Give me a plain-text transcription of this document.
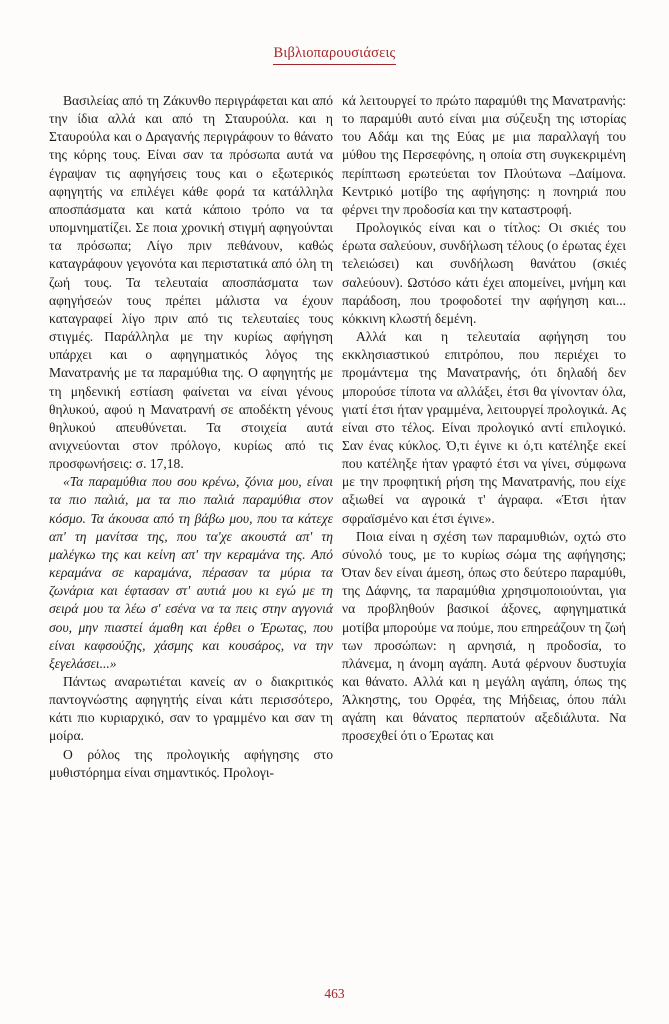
Βιβλιοπαρουσιάσεις

Βασιλείας από τη Ζάκυνθο περιγράφεται και από την ίδια αλλά και από τη Σταυρούλα. και η Σταυρούλα και ο Δραγανής περιγράφουν το θάνατο της κόρης τους. Είναι σαν τα πρόσωπα αυτά να έγραψαν τις αφηγήσεις τους και ο εξωτερικός αφηγητής να επιλέγει κάθε φορά τα κατάλληλα αποσπάσματα και κατά κάποιο τρόπο να τα υπομνηματίζει. Σε ποια χρονική στιγμή αφηγούνται τα πρόσωπα; Λίγο πριν πεθάνουν, καθώς καταγράφουν γεγονότα και περιστατικά από όλη τη ζωή τους. Τα τελευταία αποσπάσματα των αφηγήσεών τους πρέπει μάλιστα να έχουν καταγραφεί λίγο πριν από τις τελευταίες τους στιγμές. Παράλληλα με την κυρίως αφήγηση υπάρχει και ο αφηγηματικός λόγος της Μανατρανής με τα παραμύθια της. Ο αφηγητής με τη μηδενική εστίαση φαίνεται να είναι γένους θηλυκού, αφού η Μανατρανή σε αποδέκτη γένους θηλυκού απευθύνεται. Τα στοιχεία αυτά ανιχνεύονται στον πρόλογο, κυρίως από τις προσφωνήσεις: σ. 17,18.

«Τα παραμύθια που σου κρένω, ζόνια μου, είναι τα πιο παλιά, μα τα πιο παλιά παραμύθια στον κόσμο. Τα άκουσα από τη βάβω μου, που τα κάτεχε απ' τη μανίτσα της, που τα'χε ακουστά απ' τη μαλέγκω της και κείνη απ' την κεραμάνα της. Από κεραμάνα σε καραμάνα, πέρασαν τα μύρια τα ζωνάρια και έφτασαν στ' αυτιά μου κι εγώ με τη σειρά μου τα λέω σ' εσένα να τα πεις στην αγγονιά σου, μην πιαστεί άμαθη και έρθει ο Έρωτας, που είναι καφσούζης, χάσμης και κουσάρος, να την ξεγελάσει...»

Πάντως αναρωτιέται κανείς αν ο διακριτικός παντογνώστης αφηγητής είναι κάτι περισσότερο, κάτι πιο κυριαρχικό, σαν το γραμμένο και σαν τη μοίρα.

Ο ρόλος της προλογικής αφήγησης στο μυθιστόρημα είναι σημαντικός. Προλογι-

κά λειτουργεί το πρώτο παραμύθι της Μανατρανής: το παραμύθι αυτό είναι μια σύζευξη της ιστορίας του Αδάμ και της Εύας με μια παραλλαγή του μύθου της Περσεφόνης, η οποία στη συγκεκριμένη περίπτωση ερωτεύεται τον Πλούτωνα –Δαίμονα. Κεντρικό μοτίβο της αφήγησης: η πονηριά που φέρνει την προδοσία και την καταστροφή.

Προλογικός είναι και ο τίτλος: Οι σκιές του έρωτα σαλεύουν, συνδήλωση τέλους (ο έρωτας έχει τελειώσει) και συνδήλωση θανάτου (σκιές σαλεύουν). Ωστόσο κάτι έχει απομείνει, μνήμη και παράδοση, που τροφοδοτεί την αφήγηση και... κόκκινη κλωστή δεμένη.

Αλλά και η τελευταία αφήγηση του εκκλησιαστικού επιτρόπου, που περιέχει το προμάντεμα της Μανατρανής, ότι δηλαδή δεν μπορούσε τίποτα να αλλάξει, έτσι θα γίνονταν όλα, γιατί έτσι ήταν γραμμένα, λειτουργεί προλογικά. Ας είναι στο τέλος. Είναι προλογικό αντί επιλογικό. Σαν ένας κύκλος. Ό,τι έγινε κι ό,τι κατέληξε εκεί που κατέληξε ήταν γραφτό έτσι να γίνει, σύμφωνα με την προφητική ρήση της Μανατρανής, που είχε αξιωθεί να αγροικά τ' άγραφα. «Έτσι ήταν σφραϊσμένο και έτσι έγινε».

Ποια είναι η σχέση των παραμυθιών, οχτώ στο σύνολό τους, με το κυρίως σώμα της αφήγησης; Όταν δεν είναι άμεση, όπως στο δεύτερο παραμύθι, της Δάφνης, τα παραμύθια χρησιμοποιούνται, για να προβληθούν βασικοί άξονες, αφηγηματικά μοτίβα μπορούμε να πούμε, που επηρεάζουν τη ζωή των προσώπων: η αρνησιά, η προδοσία, το πλάνεμα, η άνομη αγάπη. Αυτά φέρνουν δυστυχία και θάνατο. Αλλά και η μεγάλη αγάπη, όπως της Άλκηστης, του Ορφέα, της Μήδειας, όπου πάλι αγάπη και θάνατος περπατούν αξεδιάλυτα. Να προσεχθεί ότι ο Έρωτας και

463
